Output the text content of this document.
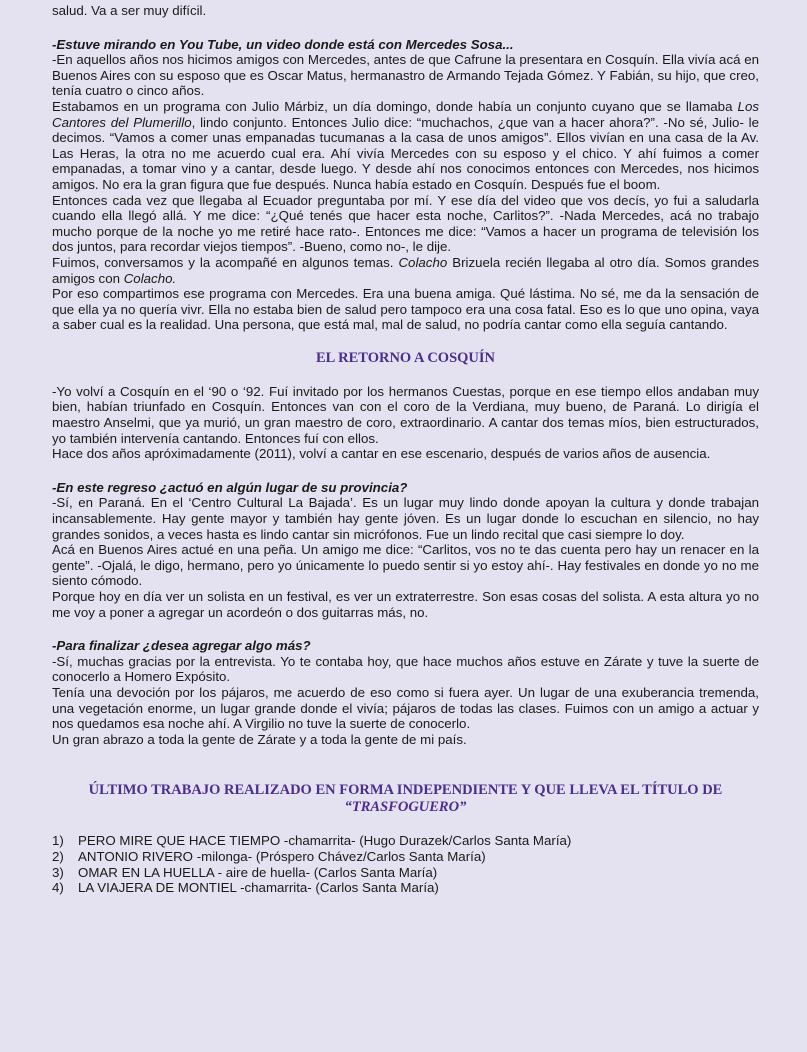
salud. Va a ser muy difícil.

-Estuve mirando en You Tube, un video donde está con Mercedes Sosa...

-En aquellos años nos hicimos amigos con Mercedes, antes de que Cafrune la presentara en Cosquín. Ella vivía acá en Buenos Aires con su esposo que es Oscar Matus, hermanastro de Armando Tejada Gómez. Y Fabián, su hijo, que creo, tenía cuatro o cinco años.

Estabamos en un programa con Julio Márbiz, un día domingo, donde había un conjunto cuyano que se llamaba Los Cantores del Plumerillo, lindo conjunto. Entonces Julio dice: “muchachos, ¿que van a hacer ahora?”. -No sé, Julio- le decimos. “Vamos a comer unas empanadas tucumanas a la casa de unos amigos”. Ellos vivían en una casa de la Av. Las Heras, la otra no me acuerdo cual era. Ahí vivía Mercedes con su esposo y el chico. Y ahí fuimos a comer empanadas, a tomar vino y a cantar, desde luego. Y desde ahí nos conocimos entonces con Mercedes, nos hicimos amigos. No era la gran figura que fue después. Nunca había estado en Cosquín. Después fue el boom.

Entonces cada vez que llegaba al Ecuador preguntaba por mí. Y ese día del video que vos decís, yo fui a saludarla cuando ella llegó allá. Y me dice: “¿Qué tenés que hacer esta noche, Carlitos?”. -Nada Mercedes, acá no trabajo mucho porque de la noche yo me retiré hace rato-. Entonces me dice: “Vamos a hacer un programa de televisión los dos juntos, para recordar viejos tiempos”. -Bueno, como no-, le dije.

Fuimos, conversamos y la acompañé en algunos temas. Colacho Brizuela recién llegaba al otro día. Somos grandes amigos con Colacho.

Por eso compartimos ese programa con Mercedes. Era una buena amiga. Qué lástima. No sé, me da la sensación de que ella ya no quería vivr. Ella no estaba bien de salud pero tampoco era una cosa fatal. Eso es lo que uno opina, vaya a saber cual es la realidad. Una persona, que está mal, mal de salud, no podría cantar como ella seguía cantando.

EL RETORNO A COSQUÍN

-Yo volví a Cosquín en el ‘90 o ‘92. Fuí invitado por los hermanos Cuestas, porque en ese tiempo ellos andaban muy bien, habían triunfado en Cosquín. Entonces van con el coro de la Verdiana, muy bueno, de Paraná. Lo dirigía el maestro Anselmi, que ya murió, un gran maestro de coro, extraordinario. A cantar dos temas míos, bien estructurados, yo también intervenía cantando. Entonces fuí con ellos.

Hace dos años apróximadamente (2011), volví a cantar en ese escenario, después de varios años de ausencia.

-En este regreso ¿actuó en algún lugar de su provincia?

-Sí, en Paraná. En el ‘Centro Cultural La Bajada’. Es un lugar muy lindo donde apoyan la cultura y donde trabajan incansablemente. Hay gente mayor y también hay gente jóven. Es un lugar donde lo escuchan en silencio, no hay grandes sonidos, a veces hasta es lindo cantar sin micrófonos. Fue un lindo recital que casi siempre lo doy.

Acá en Buenos Aires actué en una peña. Un amigo me dice: “Carlitos, vos no te das cuenta pero hay un renacer en la gente”. -Ojalá, le digo, hermano, pero yo únicamente lo puedo sentir si yo estoy ahí-. Hay festivales en donde yo no me siento cómodo.

Porque hoy en día ver un solista en un festival, es ver un extraterrestre. Son esas cosas del solista. A esta altura yo no me voy a poner a agregar un acordeón o dos guitarras más, no.

-Para finalizar ¿desea agregar algo más?

-Sí, muchas gracias por la entrevista. Yo te contaba hoy, que hace muchos años estuve en Zárate y tuve la suerte de conocerlo a Homero Expósito.

Tenía una devoción por los pájaros, me acuerdo de eso como si fuera ayer. Un lugar de una exuberancia tremenda, una vegetación enorme, un lugar grande donde el vivía; pájaros de todas las clases. Fuimos con un amigo a actuar y nos quedamos esa noche ahí. A Virgilio no tuve la suerte de conocerlo.

Un gran abrazo a toda la gente de Zárate y a toda la gente de mi país.

ÚLTIMO TRABAJO REALIZADO EN FORMA INDEPENDIENTE Y QUE LLEVA EL TÍTULO DE
“TRASFOGUERO”
1)	PERO MIRE QUE HACE TIEMPO -chamarrita- (Hugo Durazek/Carlos Santa María)
2)	ANTONIO RIVERO -milonga- (Próspero Chávez/Carlos Santa María)
3)	OMAR EN LA HUELLA - aire de huella- (Carlos Santa María)
4)	LA VIAJERA DE MONTIEL -chamarrita- (Carlos Santa María)
